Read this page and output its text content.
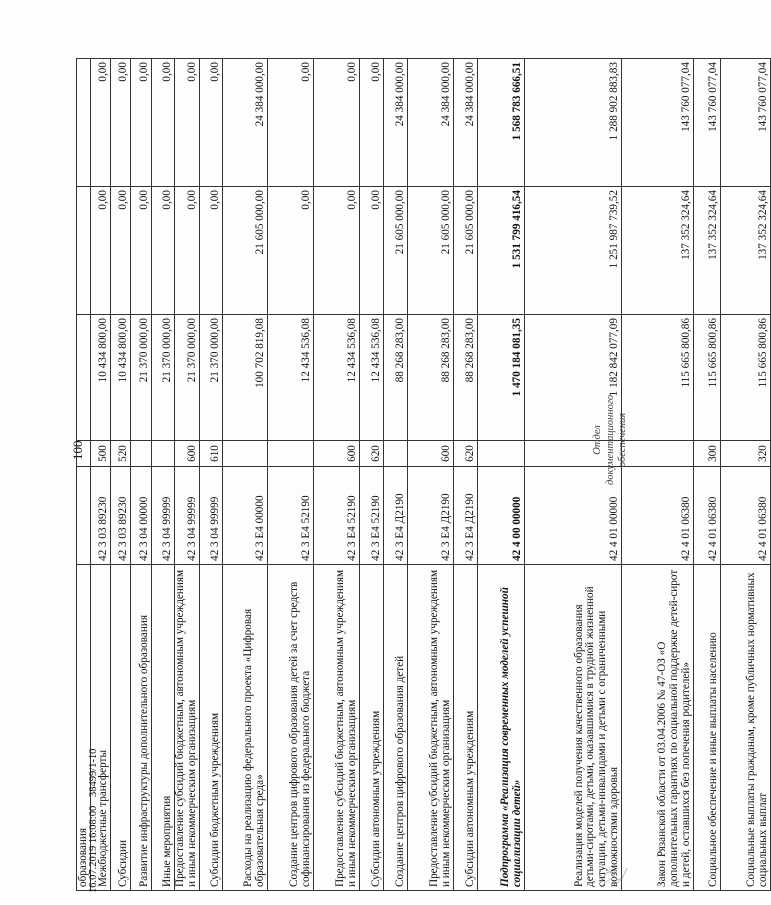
100
образования					
Межбюджетные трансферты	42 3 03 89230	500	10 434 800,00	0,00	0,00
Субсидии	42 3 03 89230	520	10 434 800,00	0,00	0,00
Развитие инфраструктуры дополнительного образования	42 3 04 00000		21 370 000,00	0,00	0,00
Иные мероприятия	42 3 04 99999		21 370 000,00	0,00	0,00
Предоставление субсидий бюджетным, автономным учреждениям и иным некоммерческим организациям	42 3 04 99999	600	21 370 000,00	0,00	0,00
Субсидии бюджетным учреждениям	42 3 04 99999	610	21 370 000,00	0,00	0,00
Расходы на реализацию федерального проекта «Цифровая образовательная среда»	42 3 E4 00000		100 702 819,08	21 605 000,00	24 384 000,00
Создание центров цифрового образования детей за счет средств софинансирования из федерального бюджета	42 3 E4 52190		12 434 536,08	0,00	0,00
Предоставление субсидий бюджетным, автономным учреждениям и иным некоммерческим организациям	42 3 E4 52190	600	12 434 536,08	0,00	0,00
Субсидии автономным учреждениям	42 3 E4 52190	620	12 434 536,08	0,00	0,00
Создание центров цифрового образования детей	42 3 E4 Д2190		88 268 283,00	21 605 000,00	24 384 000,00
Предоставление субсидий бюджетным, автономным учреждениям и иным некоммерческим организациям	42 3 E4 Д2190	600	88 268 283,00	21 605 000,00	24 384 000,00
Субсидии автономным учреждениям	42 3 E4 Д2190	620	88 268 283,00	21 605 000,00	24 384 000,00
Подпрограмма «Реализация современных моделей успешной социализации детей»	42 4 00 00000		1 470 184 081,35	1 531 799 416,54	1 568 783 666,51
Реализация моделей получения качественного образования детьми-сиротами, детьми, оказавшимися в трудной жизненной ситуации, детьми-инвалидами и детьми с ограниченными возможностями здоровья	42 4 01 00000		1 182 842 077,09	1 251 987 739,52	1 288 902 883,83
Закон Рязанской области от 03.04.2006 № 47-ОЗ «О дополнительных гарантиях по социальной поддержке детей-сирот и детей, оставшихся без попечения родителей»	42 4 01 06380		115 665 800,86	137 352 324,64	143 760 077,04
Социальное обеспечение и иные выплаты населению	42 4 01 06380	300	115 665 800,86	137 352 324,64	143 760 077,04
Социальные выплаты гражданам, кроме публичных нормативных социальных выплат	42 4 01 06380	320	115 665 800,86	137 352 324,64	143 760 077,04
16.07.2019 16:08:00
38499/1-10
Отдел документационного обеспечения
